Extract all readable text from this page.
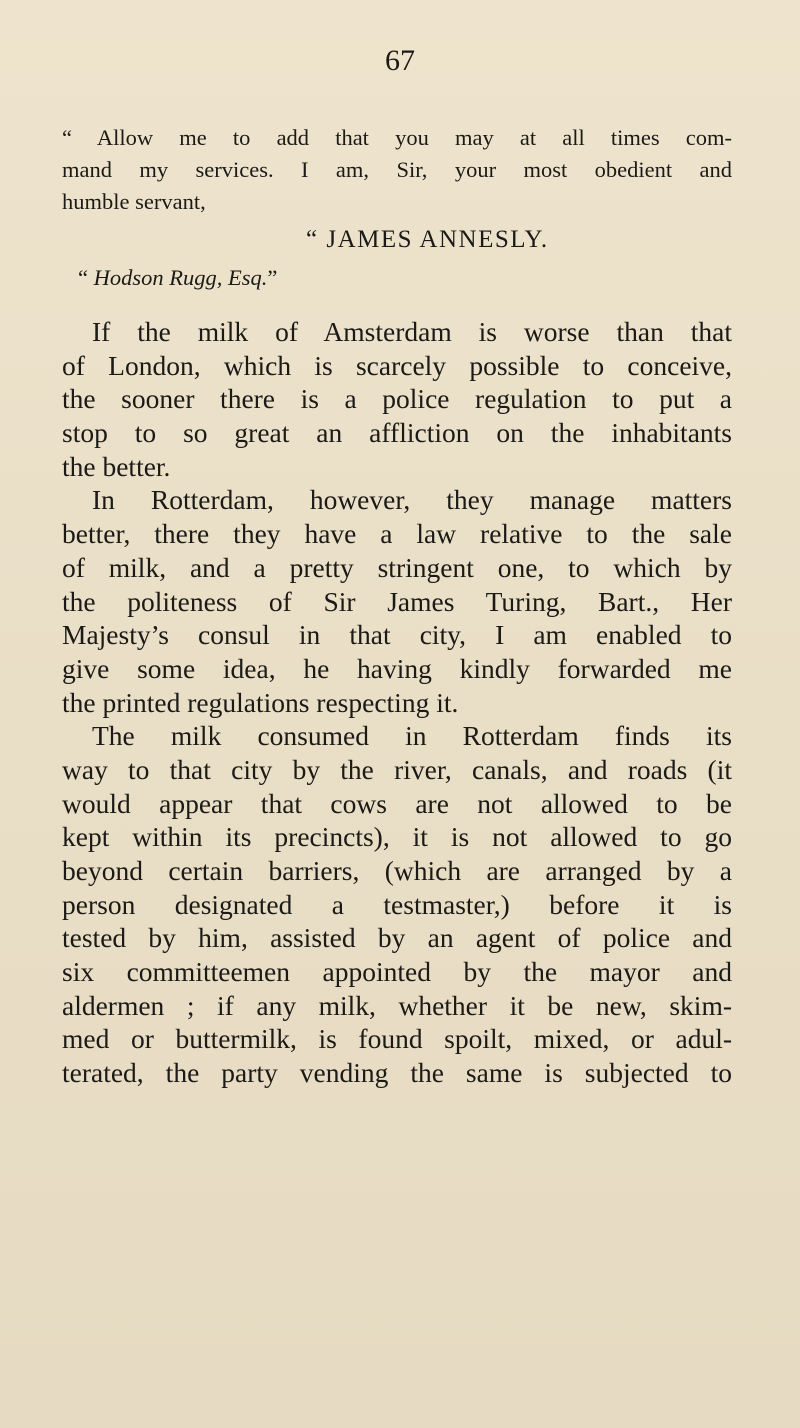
67
“ Allow me to add that you may at all times com-
mand my services. I am, Sir, your most obedient and
humble servant,
“ JAMES ANNESLY.
“ Hodson Rugg, Esq.”
If the milk of Amsterdam is worse than that
of London, which is scarcely possible to conceive,
the sooner there is a police regulation to put a
stop to so great an affliction on the inhabitants
the better.
In Rotterdam, however, they manage matters
better, there they have a law relative to the sale
of milk, and a pretty stringent one, to which by
the politeness of Sir James Turing, Bart., Her
Majesty’s consul in that city, I am enabled to
give some idea, he having kindly forwarded me
the printed regulations respecting it.
The milk consumed in Rotterdam finds its
way to that city by the river, canals, and roads (it
would appear that cows are not allowed to be
kept within its precincts), it is not allowed to go
beyond certain barriers, (which are arranged by a
person designated a testmaster,) before it is
tested by him, assisted by an agent of police and
six committeemen appointed by the mayor and
aldermen ; if any milk, whether it be new, skim-
med or buttermilk, is found spoilt, mixed, or adul-
terated, the party vending the same is subjected to
